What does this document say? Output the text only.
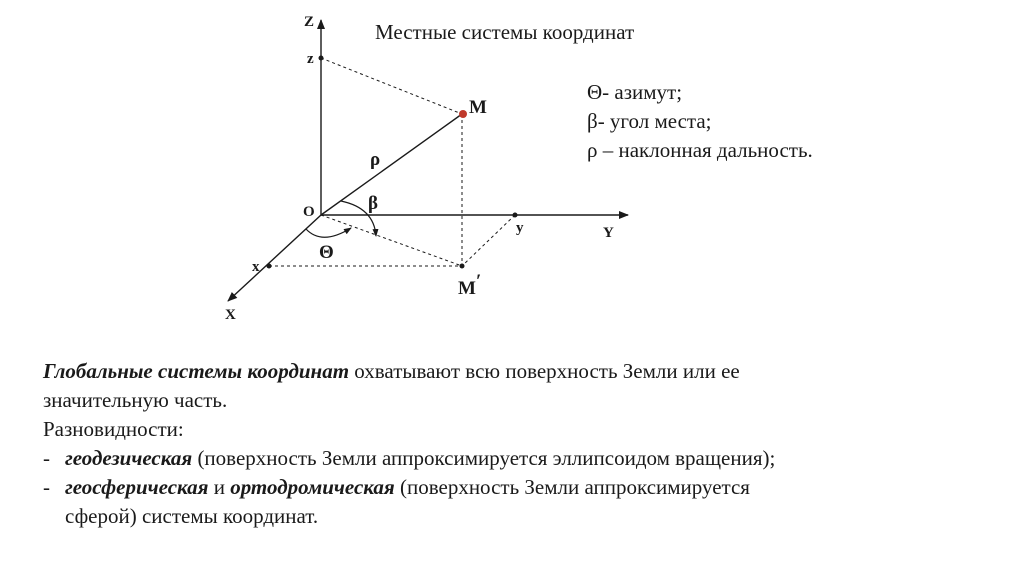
Z
z
M
ρ
β
O
y	Y
Θ
x
M ′
X
Местные системы координат
Θ- азимут;
β- угол места;
ρ – наклонная дальность.
Глобальные системы координат охватывают всю поверхность Земли или ее
значительную часть.
Разновидности:
- геодезическая (поверхность Земли аппроксимируется эллипсоидом вращения);
- геосферическая и ортодромическая (поверхность Земли аппроксимируется
сферой) системы координат.
